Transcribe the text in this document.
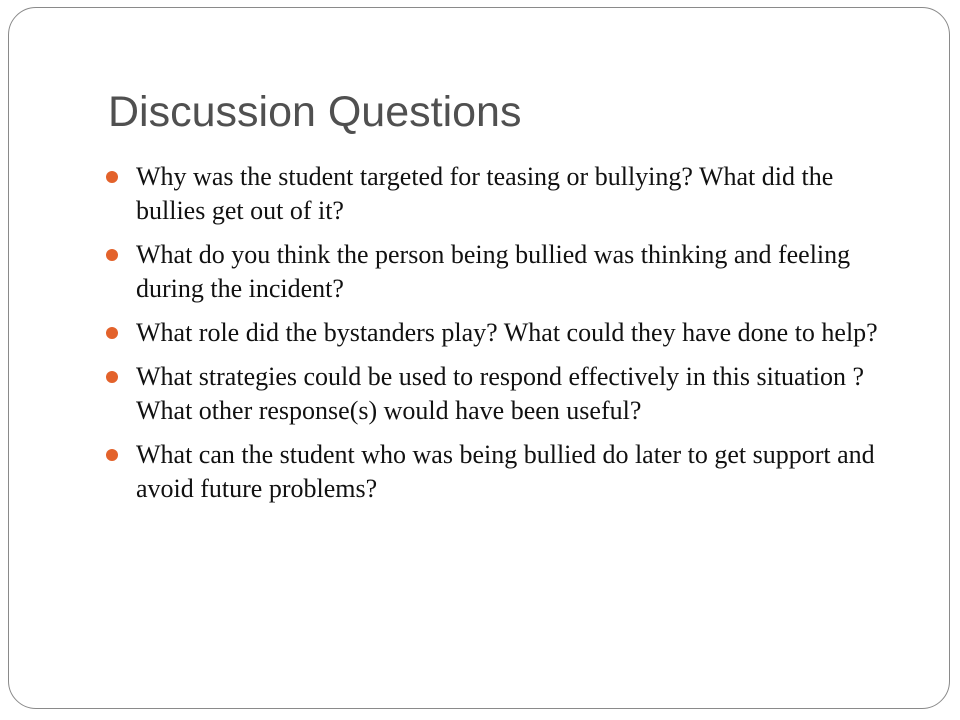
Discussion Questions
Why was the student targeted for teasing or bullying? What did the bullies get out of it?
What do you think the person being bullied was thinking and feeling during the incident?
What role did the bystanders play? What could they have done to help?
What strategies could be used to respond effectively in this situation ? What other response(s) would have been useful?
What can the student who was being bullied do later to get support and avoid future problems?
